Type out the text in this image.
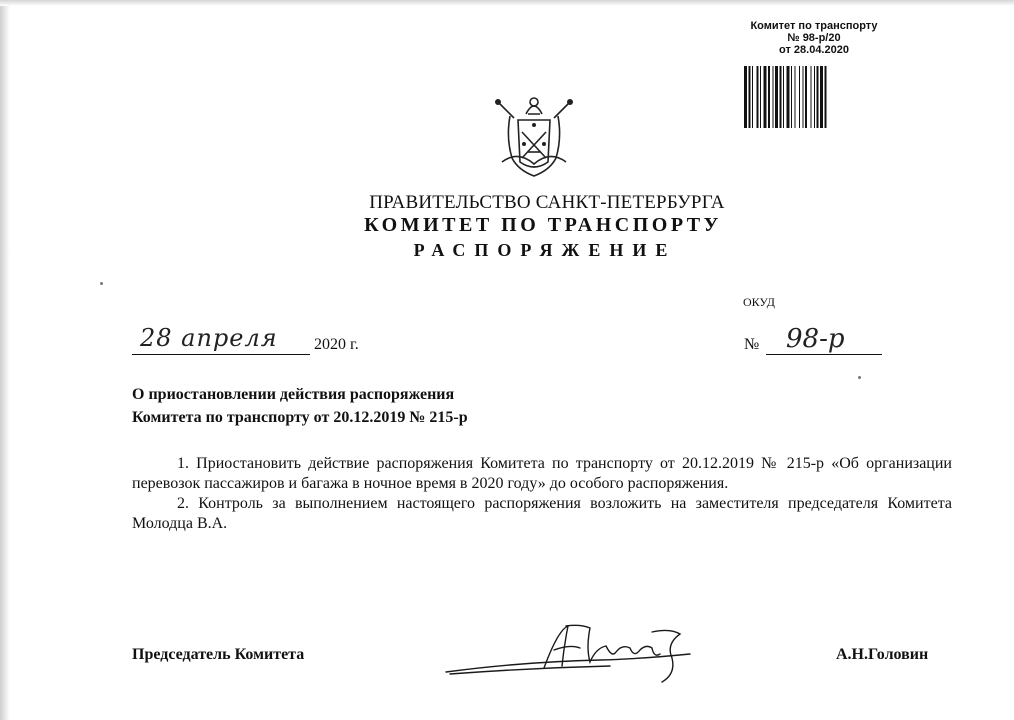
Комитет по транспорту
№ 98-р/20
от 28.04.2020
ПРАВИТЕЛЬСТВО САНКТ-ПЕТЕРБУРГА
КОМИТЕТ ПО ТРАНСПОРТУ
РАСПОРЯЖЕНИЕ
ОКУД
28 апреля 2020 г.	№ 98-р
О приостановлении действия распоряжения
Комитета по транспорту от 20.12.2019 № 215-р

1. Приостановить действие распоряжения Комитета по транспорту от 20.12.2019 № 215-р «Об организации перевозок пассажиров и багажа в ночное время в 2020 году» до особого распоряжения.

2. Контроль за выполнением настоящего распоряжения возложить на заместителя председателя Комитета Молодца В.А.

Председатель Комитета	А.Н.Головин
